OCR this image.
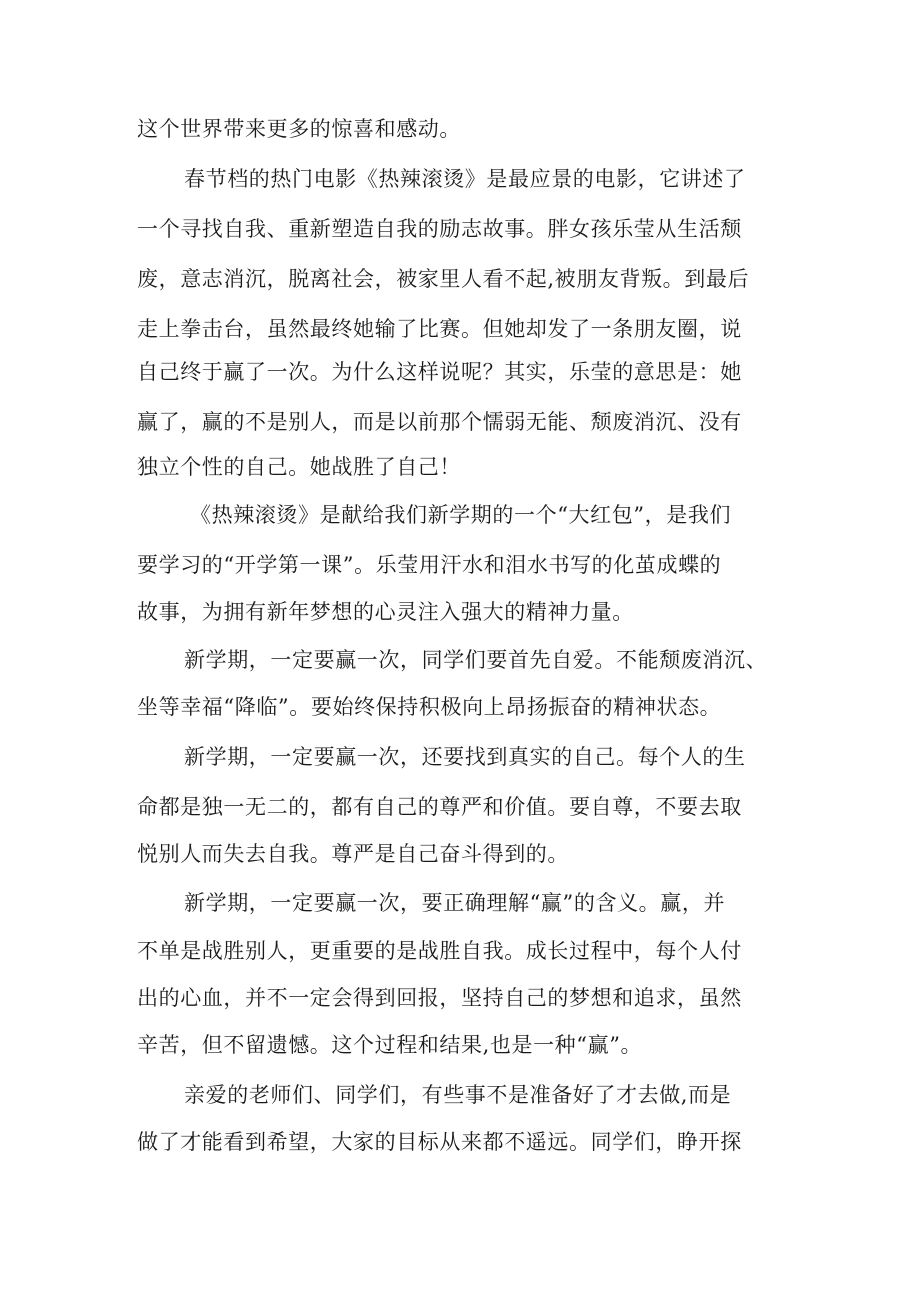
这个世界带来更多的惊喜和感动。
春节档的热门电影《热辣滚烫》是最应景的电影，它讲述了
一个寻找自我、重新塑造自我的励志故事。胖女孩乐莹从生活颓
废，意志消沉，脱离社会，被家里人看不起,被朋友背叛。到最后
走上拳击台，虽然最终她输了比赛。但她却发了一条朋友圈，说
自己终于赢了一次。为什么这样说呢？其实，乐莹的意思是：她
赢了，赢的不是别人，而是以前那个懦弱无能、颓废消沉、没有
独立个性的自己。她战胜了自己！
《热辣滚烫》是献给我们新学期的一个“大红包”，是我们
要学习的“开学第一课”。乐莹用汗水和泪水书写的化茧成蝶的
故事，为拥有新年梦想的心灵注入强大的精神力量。
新学期，一定要赢一次，同学们要首先自爱。不能颓废消沉、
坐等幸福“降临”。要始终保持积极向上昂扬振奋的精神状态。
新学期，一定要赢一次，还要找到真实的自己。每个人的生
命都是独一无二的，都有自己的尊严和价值。要自尊，不要去取
悦别人而失去自我。尊严是自己奋斗得到的。
新学期，一定要赢一次，要正确理解“赢”的含义。赢，并
不单是战胜别人，更重要的是战胜自我。成长过程中，每个人付
出的心血，并不一定会得到回报，坚持自己的梦想和追求，虽然
辛苦，但不留遗憾。这个过程和结果,也是一种“赢”。
亲爱的老师们、同学们，有些事不是准备好了才去做,而是
做了才能看到希望，大家的目标从来都不遥远。同学们，睁开探
